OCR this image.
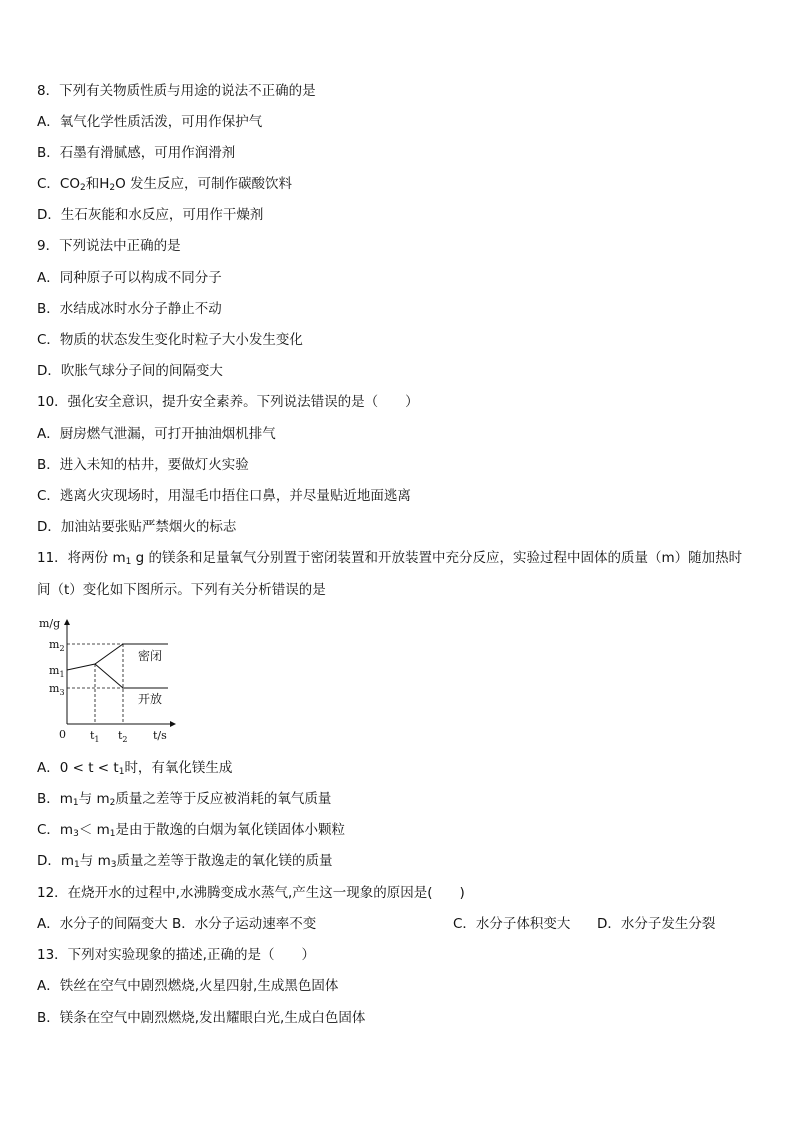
8．下列有关物质性质与用途的说法不正确的是
A．氧气化学性质活泼，可用作保护气
B．石墨有滑腻感，可用作润滑剂
C．$CO_2$和$H_2O$ 发生反应，可制作碳酸饮料
D．生石灰能和水反应，可用作干燥剂
9．下列说法中正确的是
A．同种原子可以构成不同分子
B．水结成冰时水分子静止不动
C．物质的状态发生变化时粒子大小发生变化
D．吹胀气球分子间的间隔变大
10．强化安全意识，提升安全素养。下列说法错误的是（　　）
A．厨房燃气泄漏，可打开抽油烟机排气
B．进入未知的枯井，要做灯火实验
C．逃离火灾现场时，用湿毛巾捂住口鼻，并尽量贴近地面逃离
D．加油站要张贴严禁烟火的标志
11．将两份 $m_1$ g 的镁条和足量氧气分别置于密闭装置和开放装置中充分反应，实验过程中固体的质量（m）随加热时
间（t）变化如下图所示。下列有关分析错误的是
m/g
$m_2$
$m_1$
$m_3$
0 $t_1$ $t_2$ t/s
密闭
开放
A．$0 < t < t_1$时，有氧化镁生成
B．$m_1$与 $m_2$质量之差等于反应被消耗的氧气质量
C．$m_3< m_1$是由于散逸的白烟为氧化镁固体小颗粒
D．$m_1$与 $m_3$质量之差等于散逸走的氧化镁的质量
12．在烧开水的过程中,水沸腾变成水蒸气,产生这一现象的原因是(　　)
A．水分子的间隔变大 B．水分子运动速率不变	C．水分子体积变大 D．水分子发生分裂
13．下列对实验现象的描述,正确的是（　　）
A．铁丝在空气中剧烈燃烧,火星四射,生成黑色固体
B．镁条在空气中剧烈燃烧,发出耀眼白光,生成白色固体
